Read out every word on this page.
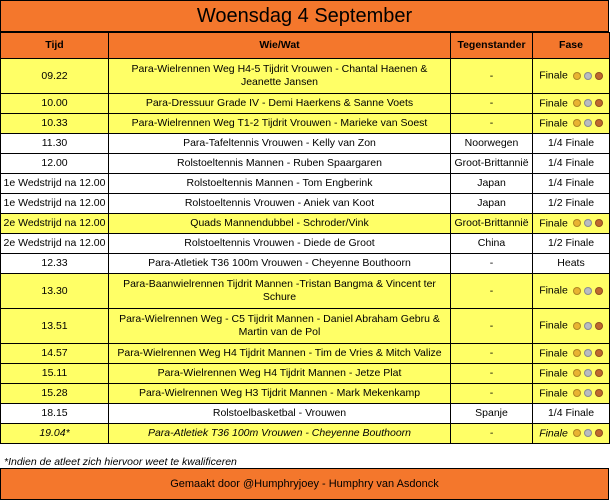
Woensdag 4 September
Tijd	Wie/Wat	Tegenstander	Fase
09.22	Para-Wielrennen Weg H4-5 Tijdrit Vrouwen - Chantal Haenen & Jeanette Jansen	-	Finale
10.00	Para-Dressuur Grade IV - Demi Haerkens & Sanne Voets	-	Finale
10.33	Para-Wielrennen Weg T1-2 Tijdrit Vrouwen - Marieke van Soest	-	Finale
11.30	Para-Tafeltennis Vrouwen - Kelly van Zon	Noorwegen	1/4 Finale
12.00	Rolstoeltennis Mannen - Ruben Spaargaren	Groot-Brittannië	1/4 Finale
1e Wedstrijd na 12.00	Rolstoeltennis Mannen - Tom Engberink	Japan	1/4 Finale
1e Wedstrijd na 12.00	Rolstoeltennis Vrouwen - Aniek van Koot	Japan	1/2 Finale
2e Wedstrijd na 12.00	Quads Mannendubbel - Schroder/Vink	Groot-Brittannië	Finale
2e Wedstrijd na 12.00	Rolstoeltennis Vrouwen - Diede de Groot	China	1/2 Finale
12.33	Para-Atletiek T36 100m Vrouwen - Cheyenne Bouthoorn	-	Heats
13.30	Para-Baanwielrennen Tijdrit Mannen -Tristan Bangma & Vincent ter Schure	-	Finale
13.51	Para-Wielrennen Weg - C5 Tijdrit Mannen - Daniel Abraham Gebru & Martin van de Pol	-	Finale
14.57	Para-Wielrennen Weg H4 Tijdrit Mannen - Tim de Vries & Mitch Valize	-	Finale
15.11	Para-Wielrennen Weg H4 Tijdrit Mannen - Jetze Plat	-	Finale
15.28	Para-Wielrennen Weg H3 Tijdrit Mannen - Mark Mekenkamp	-	Finale
18.15	Rolstoelbasketbal - Vrouwen	Spanje	1/4 Finale
19.04*	Para-Atletiek T36 100m Vrouwen - Cheyenne Bouthoorn	-	Finale
*Indien de atleet zich hiervoor weet te kwalificeren
Gemaakt door @Humphryjoey - Humphry van Asdonck
